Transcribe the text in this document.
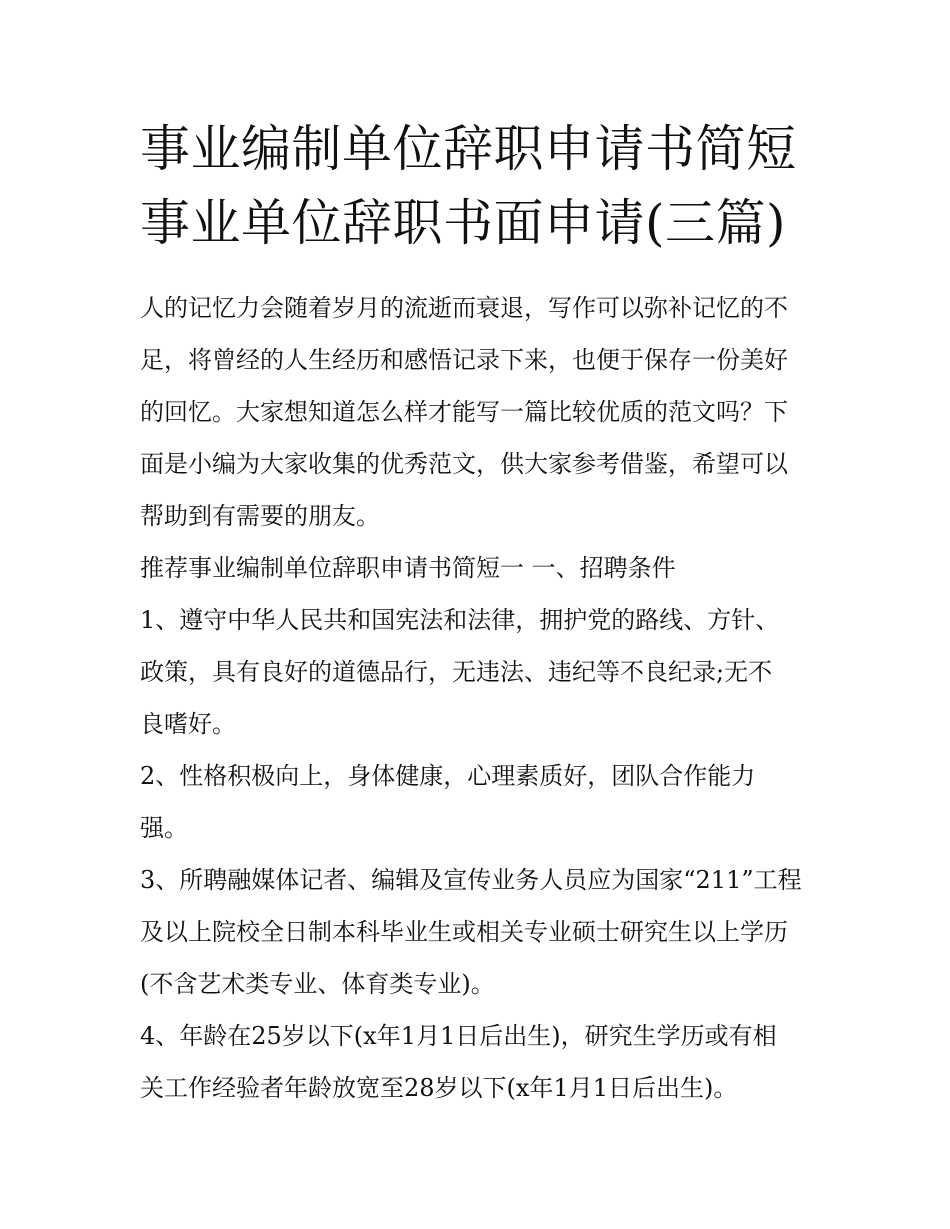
事业编制单位辞职申请书简短
事业单位辞职书面申请(三篇)

人的记忆力会随着岁月的流逝而衰退，写作可以弥补记忆的不
足，将曾经的人生经历和感悟记录下来，也便于保存一份美好
的回忆。大家想知道怎么样才能写一篇比较优质的范文吗？下
面是小编为大家收集的优秀范文，供大家参考借鉴，希望可以
帮助到有需要的朋友。

推荐事业编制单位辞职申请书简短一 一、招聘条件

1、遵守中华人民共和国宪法和法律，拥护党的路线、方针、
政策，具有良好的道德品行，无违法、违纪等不良纪录;无不
良嗜好。

2、性格积极向上，身体健康，心理素质好，团队合作能力
强。

3、所聘融媒体记者、编辑及宣传业务人员应为国家“211”工程
及以上院校全日制本科毕业生或相关专业硕士研究生以上学历
(不含艺术类专业、体育类专业)。

4、年龄在25岁以下(x年1月1日后出生)，研究生学历或有相
关工作经验者年龄放宽至28岁以下(x年1月1日后出生)。
